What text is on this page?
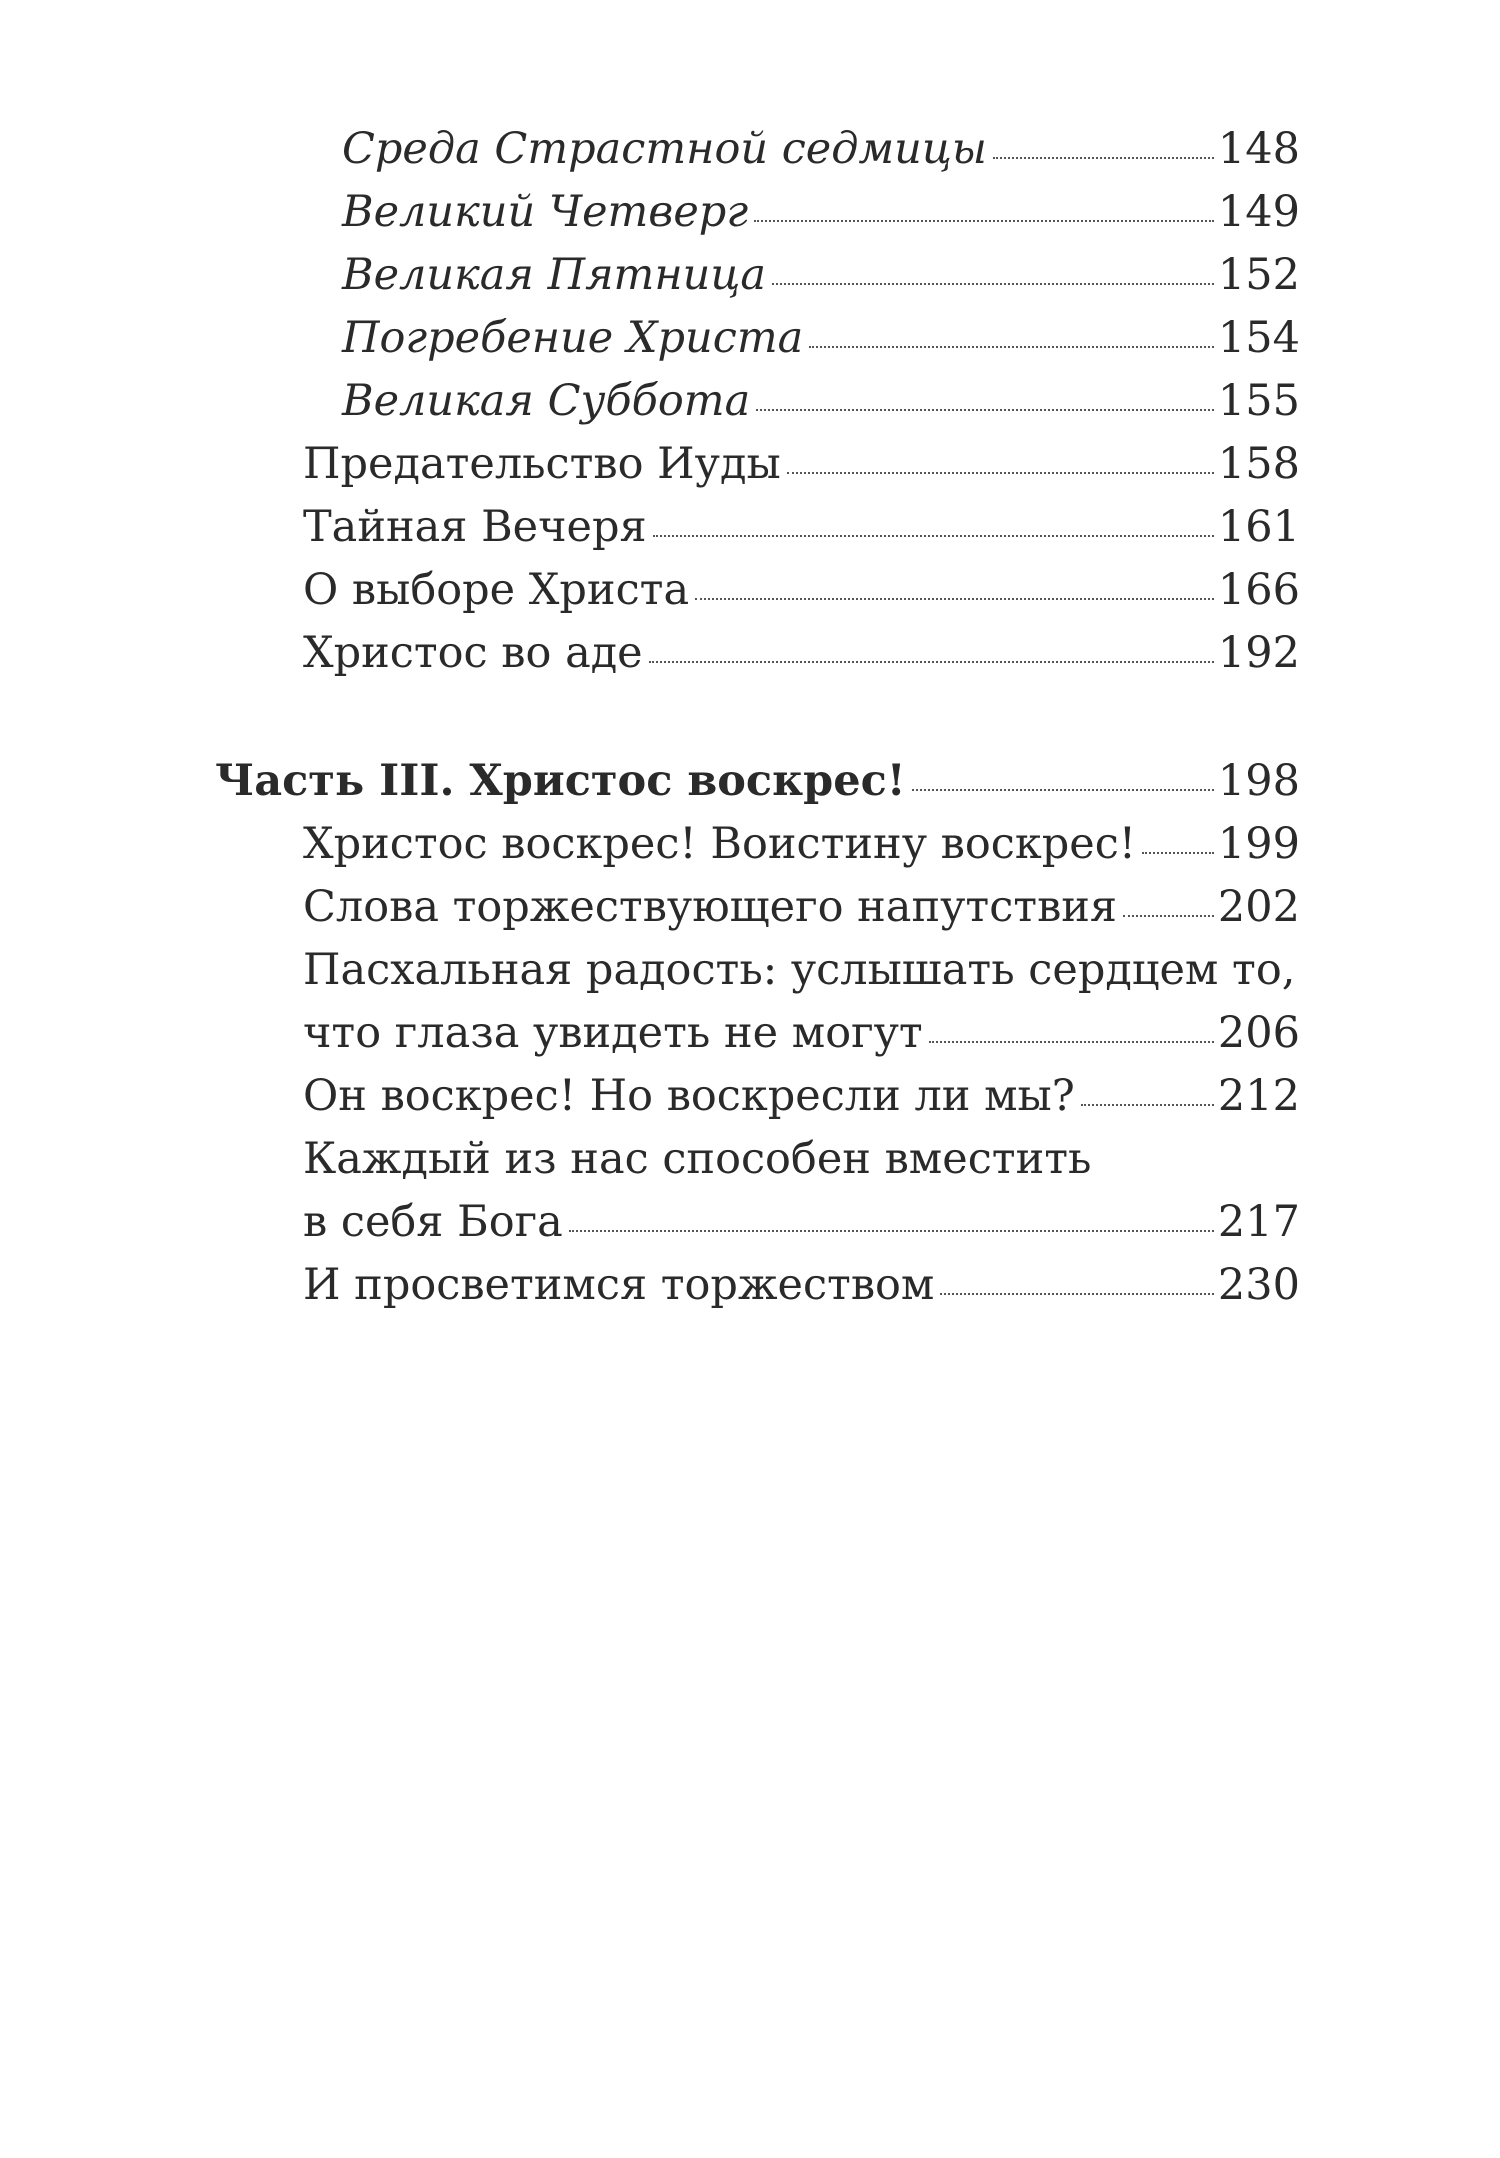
Среда Страстной седмицы	148
Великий Четверг	149
Великая Пятница	152
Погребение Христа	154
Великая Суббота	155
Предательство Иуды	158
Тайная Вечеря	161
О выборе Христа	166
Христос во аде	192
Часть III. Христос воскрес!	198
Христос воскрес! Воистину воскрес! 199
Слова торжествующего напутствия 202
Пасхальная радость: услышать сердцем то,
что глаза увидеть не могут	206
Он воскрес! Но воскресли ли мы?	212
Каждый из нас способен вместить
в себя Бога	217
И просветимся торжеством	230
